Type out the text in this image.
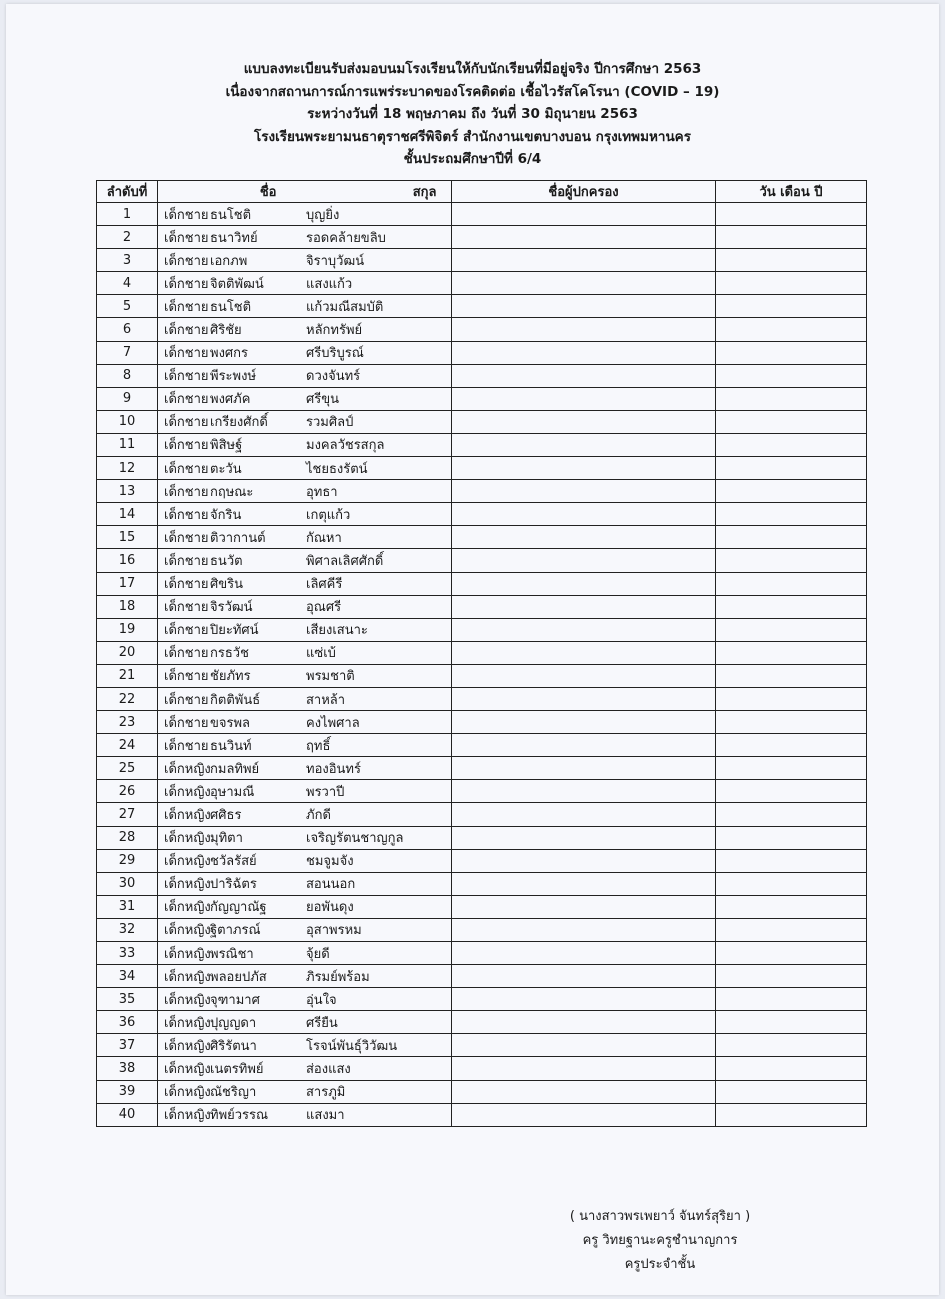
แบบลงทะเบียนรับส่งมอบนมโรงเรียนให้กับนักเรียนที่มีอยู่จริง ปีการศึกษา 2563
เนื่องจากสถานการณ์การแพร่ระบาดของโรคติดต่อ เชื้อไวรัสโคโรนา (COVID – 19)
ระหว่างวันที่ 18 พฤษภาคม ถึง วันที่ 30 มิถุนายน 2563
โรงเรียนพระยามนธาตุราชศรีพิจิตร์ สำนักงานเขตบางบอน กรุงเทพมหานคร
ชั้นประถมศึกษาปีที่ 6/4
ลำดับที่	ชื่อ สกุล	ชื่อผู้ปกครอง	วัน เดือน ปี
1	เด็กชาย ธนโชติ บุญยิ่ง		
2	เด็กชาย ธนาวิทย์ รอดคล้ายขลิบ		
3	เด็กชาย เอกภพ จิราบุวัฒน์		
4	เด็กชาย จิตติพัฒน์ แสงแก้ว		
5	เด็กชาย ธนโชติ แก้วมณีสมบัติ		
6	เด็กชาย ศิริชัย หลักทรัพย์		
7	เด็กชาย พงศกร ศรีบริบูรณ์		
8	เด็กชาย พีระพงษ์ ดวงจันทร์		
9	เด็กชาย พงศภัค ศรีขุน		
10	เด็กชาย เกรียงศักดิ์ รวมศิลป์		
11	เด็กชาย พิสิษฐ์ มงคลวัชรสกุล		
12	เด็กชาย ตะวัน ไชยธงรัตน์		
13	เด็กชาย กฤษณะ อุทธา		
14	เด็กชาย จักริน เกตุแก้ว		
15	เด็กชาย ติวากานต์ กัณหา		
16	เด็กชาย ธนวัต พิศาลเลิศศักดิ์		
17	เด็กชาย ศิขริน เลิศคีรี		
18	เด็กชาย จิรวัฒน์ อุณศรี		
19	เด็กชาย ปิยะทัศน์ เสียงเสนาะ		
20	เด็กชาย กรธวัช แซ่เบ้		
21	เด็กชาย ชัยภัทร พรมชาติ		
22	เด็กชาย กิตติพันธ์ สาหล้า		
23	เด็กชาย ขจรพล คงไพศาล		
24	เด็กชาย ธนวินท์ ฤทธิ์		
25	เด็กหญิงกมลทิพย์ ทองอินทร์		
26	เด็กหญิงอุษามณี พรวาปี		
27	เด็กหญิงศศิธร ภักดี		
28	เด็กหญิงมุทิตา เจริญรัตนชาญกูล		
29	เด็กหญิงชวัลรัสย์ ชมจูมจัง		
30	เด็กหญิงปาริฉัตร สอนนอก		
31	เด็กหญิงกัญญาณัฐ ยอพันดุง		
32	เด็กหญิงฐิตาภรณ์ อุสาพรหม		
33	เด็กหญิงพรณิชา จุ้ยดี		
34	เด็กหญิงพลอยปภัส ภิรมย์พร้อม		
35	เด็กหญิงจุฑามาศ อุ่นใจ		
36	เด็กหญิงปุญญดา ศรียืน		
37	เด็กหญิงศิริรัตนา โรจน์พันธุ์วิวัฒน		
38	เด็กหญิงเนตรทิพย์ ส่องแสง		
39	เด็กหญิงณัชริญา สารภูมิ		
40	เด็กหญิงทิพย์วรรณ แสงมา		
( นางสาวพรเพยาว์ จันทร์สุริยา )
ครู วิทยฐานะครูชำนาญการ
ครูประจำชั้น
